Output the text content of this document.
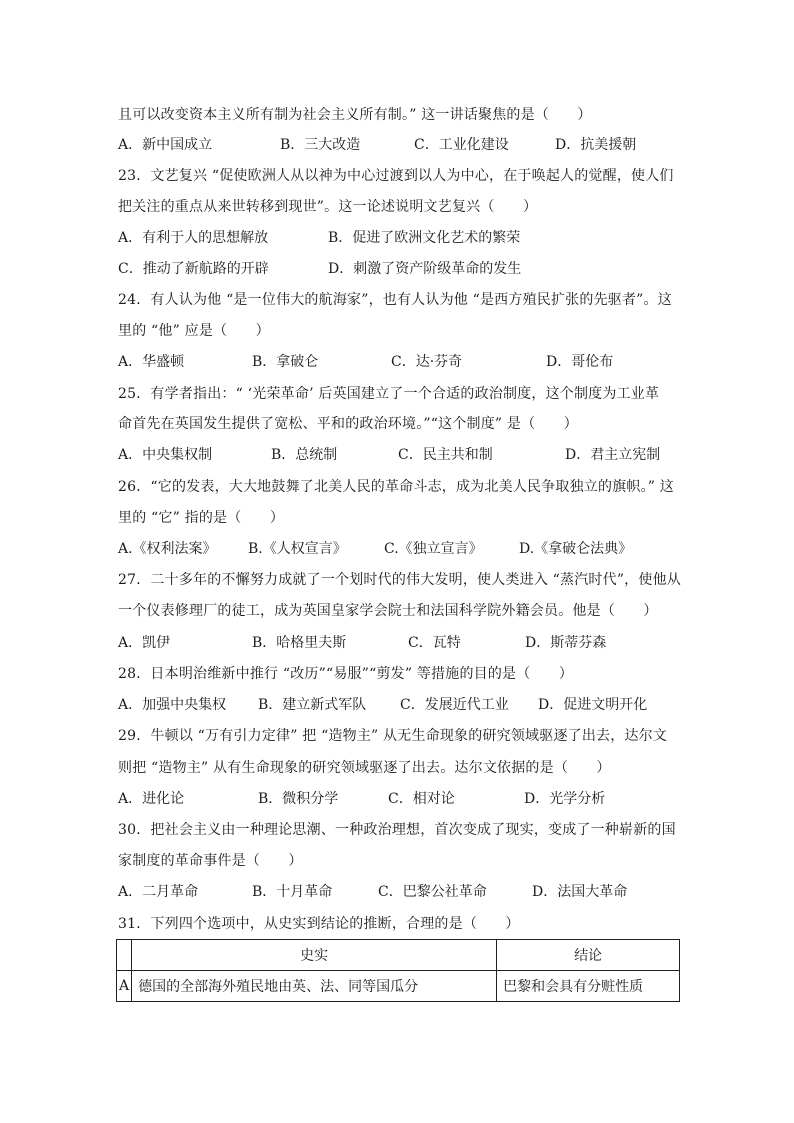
且可以改变资本主义所有制为社会主义所有制。” 这一讲话聚焦的是（　　）
A．新中国成立	B．三大改造	C．工业化建设	D．抗美援朝
23．文艺复兴 “促使欧洲人从以神为中心过渡到以人为中心，在于唤起人的觉醒，使人们
把关注的重点从来世转移到现世”。这一论述说明文艺复兴（　　）
A．有利于人的思想解放	B．促进了欧洲文化艺术的繁荣
C．推动了新航路的开辟	D．刺激了资产阶级革命的发生
24．有人认为他 “是一位伟大的航海家”，也有人认为他 “是西方殖民扩张的先驱者”。这
里的 “他” 应是（　　）
A．华盛顿	B．拿破仑	C．达·芬奇	D．哥伦布
25．有学者指出：“ ‘光荣革命’ 后英国建立了一个合适的政治制度，这个制度为工业革
命首先在英国发生提供了宽松、平和的政治环境。”“这个制度” 是（　　）
A．中央集权制	B．总统制	C．民主共和制	D．君主立宪制
26．“它的发表，大大地鼓舞了北美人民的革命斗志，成为北美人民争取独立的旗帜。” 这
里的 “它” 指的是（　　）
A.《权利法案》 B.《人权宣言》	C.《独立宣言》	D.《拿破仑法典》
27．二十多年的不懈努力成就了一个划时代的伟大发明，使人类进入 “蒸汽时代”，使他从
一个仪表修理厂的徒工，成为英国皇家学会院士和法国科学院外籍会员。他是（　　）
A．凯伊	B．哈格里夫斯	C．瓦特	D．斯蒂芬森
28．日本明治维新中推行 “改历”“易服”“剪发” 等措施的目的是（　　）
A．加强中央集权 B．建立新式军队 C．发展近代工业 D．促进文明开化
29．牛顿以 “万有引力定律” 把 “造物主” 从无生命现象的研究领域驱逐了出去，达尔文
则把 “造物主” 从有生命现象的研究领域驱逐了出去。达尔文依据的是（　　）
A．进化论	B．微积分学	C．相对论	D．光学分析
30．把社会主义由一种理论思潮、一种政治理想，首次变成了现实，变成了一种崭新的国
家制度的革命事件是（　　）
A．二月革命	B．十月革命	C．巴黎公社革命	D．法国大革命
31．下列四个选项中，从史实到结论的推断，合理的是（　　）
	史实	结论
A	德国的全部海外殖民地由英、法、同等国瓜分	巴黎和会具有分赃性质
